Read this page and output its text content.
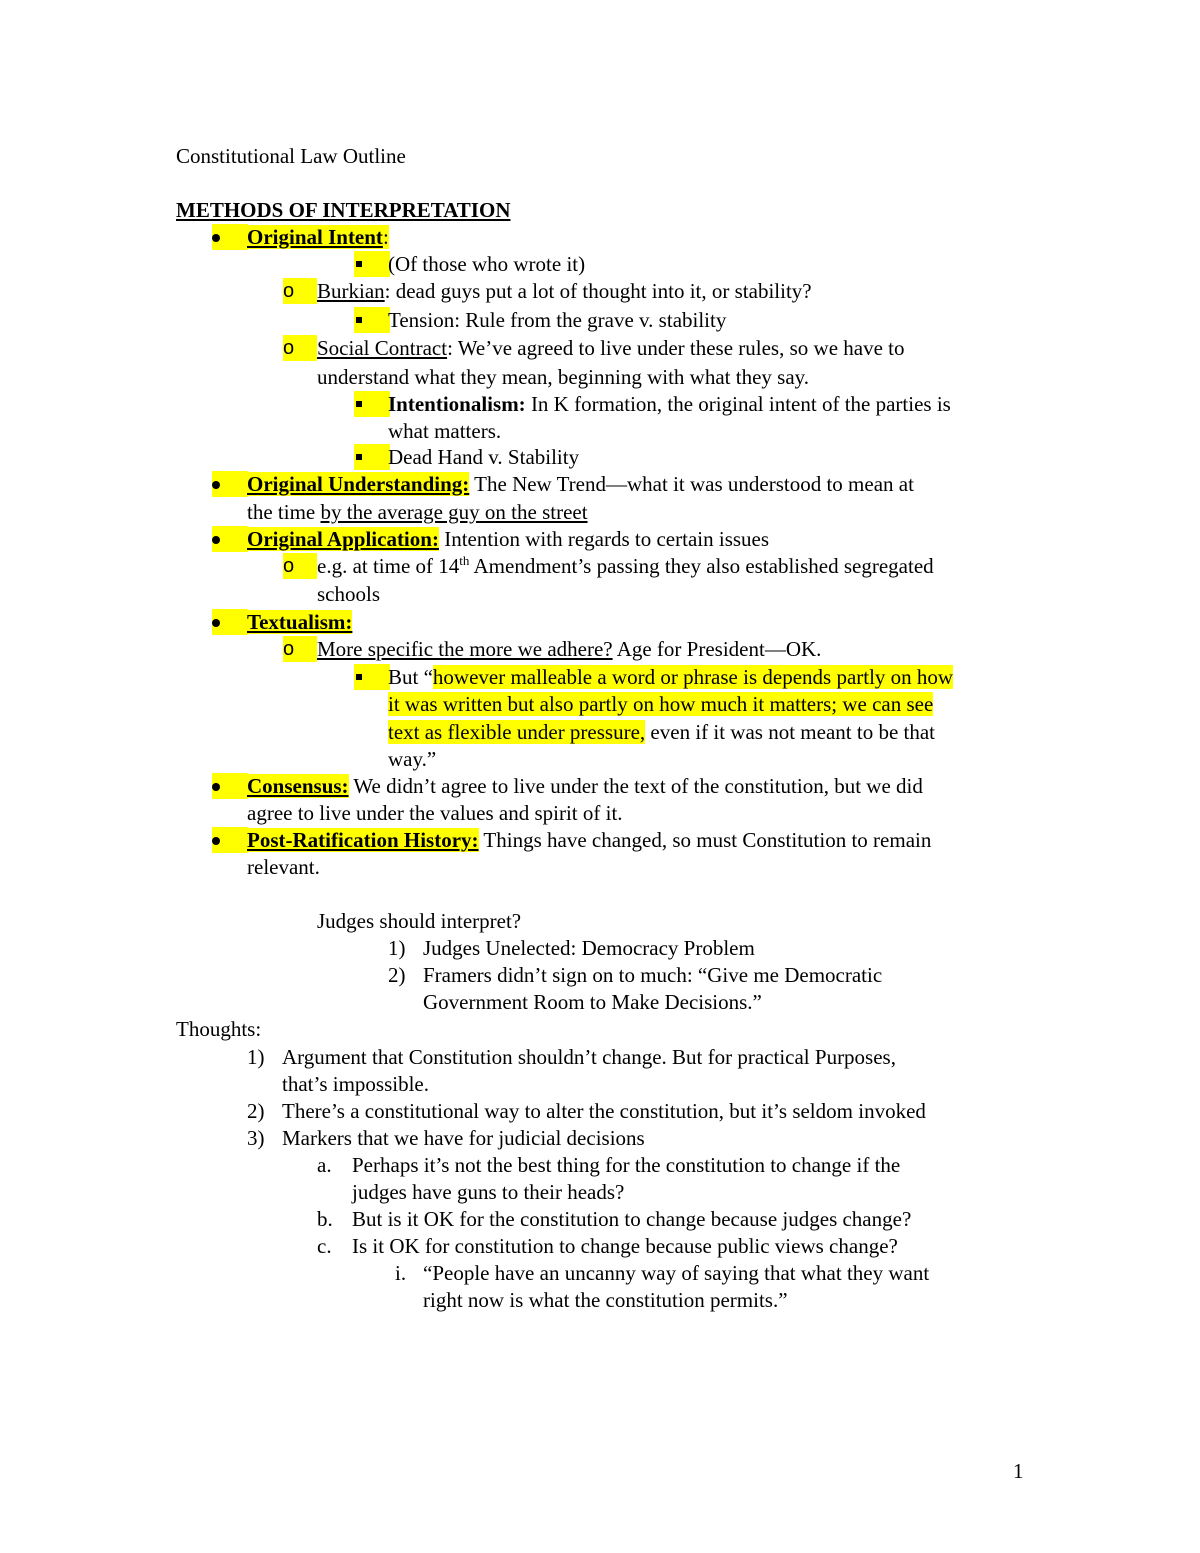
Constitutional Law Outline
METHODS OF INTERPRETATION

Original Intent:

(Of those who wrote it)
o	Burkian: dead guys put a lot of thought into it, or stability?

Tension: Rule from the grave v. stability
o	Social Contract: We’ve agreed to live under these rules, so we have to
understand what they mean, beginning with what they say.

Intentionalism: In K formation, the original intent of the parties is
what matters.

Dead Hand v. Stability

Original Understanding: The New Trend—what it was understood to mean at
the time by the average guy on the street

Original Application: Intention with regards to certain issues
o	e.g. at time of 14th Amendment’s passing they also established segregated
schools

Textualism:
o	More specific the more we adhere? Age for President—OK.

But “however malleable a word or phrase is depends partly on how
it was written but also partly on how much it matters; we can see
text as flexible under pressure, even if it was not meant to be that
way.”

Consensus: We didn’t agree to live under the text of the constitution, but we did
agree to live under the values and spirit of it.

Post-Ratification History: Things have changed, so must Constitution to remain
relevant.
Judges should interpret?
1) Judges Unelected: Democracy Problem
2) Framers didn’t sign on to much: “Give me Democratic
Government Room to Make Decisions.”
Thoughts:
1) Argument that Constitution shouldn’t change. But for practical Purposes,
that’s impossible.
2) There’s a constitutional way to alter the constitution, but it’s seldom invoked
3) Markers that we have for judicial decisions
a. Perhaps it’s not the best thing for the constitution to change if the
judges have guns to their heads?
b. But is it OK for the constitution to change because judges change?
c. Is it OK for constitution to change because public views change?
i. “People have an uncanny way of saying that what they want
right now is what the constitution permits.”
1
